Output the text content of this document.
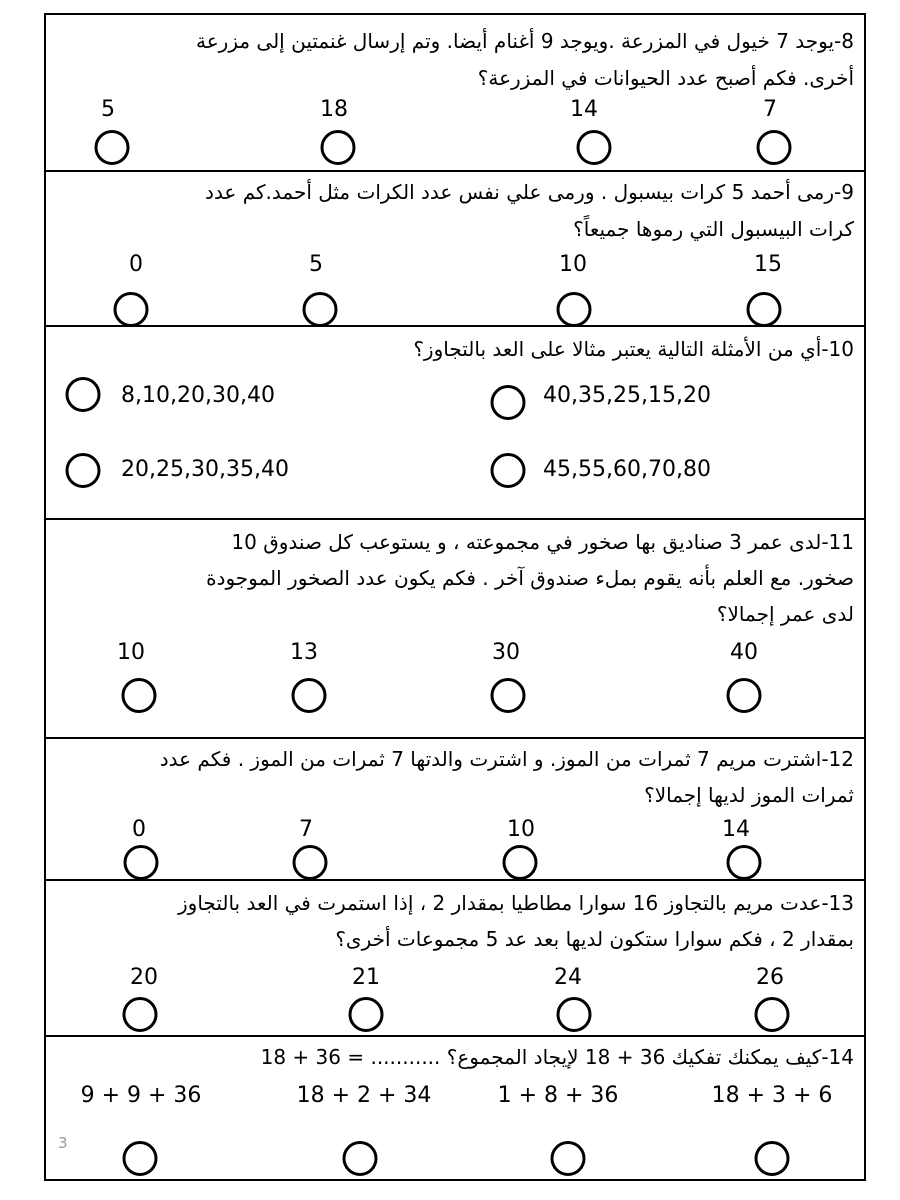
8-يوجد 7 خيول في المزرعة .ويوجد 9 أغنام أيضا. وتم إرسال غنمتين إلى مزرعة
أخرى. فكم أصبح عدد الحيوانات في المزرعة؟
5	18	14	7
9-رمى أحمد 5 كرات بيسبول . ورمى علي نفس عدد الكرات مثل أحمد.كم عدد
كرات البيسبول التي رموها جميعاً؟
0	5	10	15
10-أي من الأمثلة التالية يعتبر مثالا على العد بالتجاوز؟
8,10,20,30,40	40,35,25,15,20
20,25,30,35,40	45,55,60,70,80
11-لدى عمر 3 صناديق بها صخور في مجموعته ، و يستوعب كل صندوق 10
صخور. مع العلم بأنه يقوم بملء صندوق آخر . فكم يكون عدد الصخور الموجودة
لدى عمر إجمالا؟
10	13	30	40
12-اشترت مريم 7 ثمرات من الموز. و اشترت والدتها 7 ثمرات من الموز . فكم عدد
ثمرات الموز لديها إجمالا؟
0	7	10	14
13-عدت مريم بالتجاوز 16 سوارا مطاطيا بمقدار 2 ، إذا استمرت في العد بالتجاوز
بمقدار 2 ، فكم سوارا ستكون لديها بعد عد 5 مجموعات أخرى؟
20	21	24	26
14-كيف يمكنك تفكيك 36 + 18 لإيجاد المجموع؟ ........... = 36 + 18
9 + 9 + 36	18 + 2 + 34	1 + 8 + 36	18 + 3 + 6
3
